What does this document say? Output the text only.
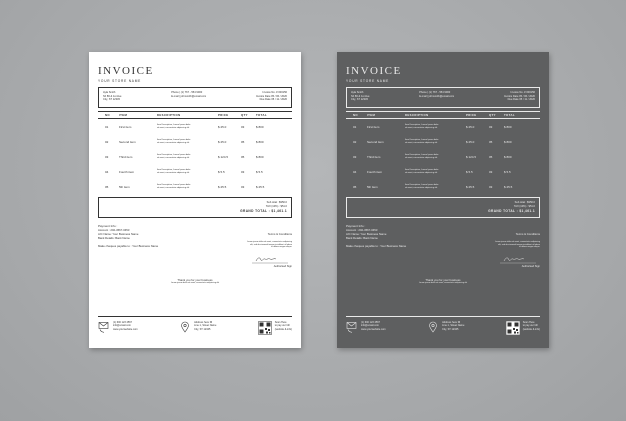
INVOICE
YOUR STORE NAME
Ayla Smith
Sh 86 & 1st Ave
City, ST 12345
Phone | (1) 767 - 554 9000
E-mail | johnsmith@email.com
Invoice No. # 000156
Invoice Date 05 / 06 / 2020
Due Date 05 / 11 / 2020
NO	ITEM	DESCRIPTION	PRICE	QTY	TOTAL
01	First item	Item Description, Lorem Ipsum dolor
sit amet, consectetur adipiscing elit	$ 25.0	03	$ 800
02	Second item	Item Description, Lorem Ipsum dolor
sit amet, consectetur adipiscing elit	$ 25.0	05	$ 800
03	Third item	Item Description, Lorem Ipsum dolor
sit amet, consectetur adipiscing elit	$ 124.5	05	$ 800
04	Fourth item	Item Description, Lorem Ipsum dolor
sit amet, consectetur adipiscing elit	$ 5.5	03	$ 5.5
05	5th item	Item Description, Lorem Ipsum dolor
sit amet, consectetur adipiscing elit	$ 25.5	03	$ 25.5
Sub total : $950.0
TAX (10%) : $51.0
GRAND TOTAL : $1,461.1
Payment Info :
Account : 202-4567-0453
A/C Name: Your Business Name
Bank Details: Bank Name
Make cheques payable to : Your Business Name
Terms & Conditions
Lorem ipsum dolor sit amet, consectetur adipiscing
elit, sed do eiusmod tempor incididunt ut labore
et dolore magna aliqua.
Authorised Sign
Thank you for your business
Lorem ipsum dolor sit amet, consectetur adipiscing elit
(1) 600 123 4567
info@email.com
www.yourwebsite.com
Address here fill
Line 1, Street Name
City, ST 12345
Scan Here
to pay our bill
(website & info)
INVOICE
YOUR STORE NAME
Ayla Smith
Sh 86 & 1st Ave
City, ST 12345
Phone | (1) 767 - 554 9000
E-mail | johnsmith@email.com
Invoice No. # 000156
Invoice Date 05 / 06 / 2020
Due Date 05 / 11 / 2020
NO	ITEM	DESCRIPTION	PRICE	QTY	TOTAL
01	First item	Item Description, Lorem Ipsum dolor
sit amet, consectetur adipiscing elit	$ 25.0	03	$ 800
02	Second item	Item Description, Lorem Ipsum dolor
sit amet, consectetur adipiscing elit	$ 25.0	05	$ 800
03	Third item	Item Description, Lorem Ipsum dolor
sit amet, consectetur adipiscing elit	$ 124.5	05	$ 800
04	Fourth item	Item Description, Lorem Ipsum dolor
sit amet, consectetur adipiscing elit	$ 5.5	03	$ 5.5
05	5th item	Item Description, Lorem Ipsum dolor
sit amet, consectetur adipiscing elit	$ 25.5	03	$ 25.5
Sub total : $950.0
TAX (10%) : $51.0
GRAND TOTAL : $1,461.1
Payment Info :
Account : 202-4567-0453
A/C Name: Your Business Name
Bank Details: Bank Name
Make cheques payable to : Your Business Name
Terms & Conditions
Lorem ipsum dolor sit amet, consectetur adipiscing
elit, sed do eiusmod tempor incididunt ut labore
et dolore magna aliqua.
Authorised Sign
Thank you for your business
Lorem ipsum dolor sit amet, consectetur adipiscing elit
(1) 600 123 4567
info@email.com
www.yourwebsite.com
Address here fill
Line 1, Street Name
City, ST 12345
Scan Here
to pay our bill
(website & info)
